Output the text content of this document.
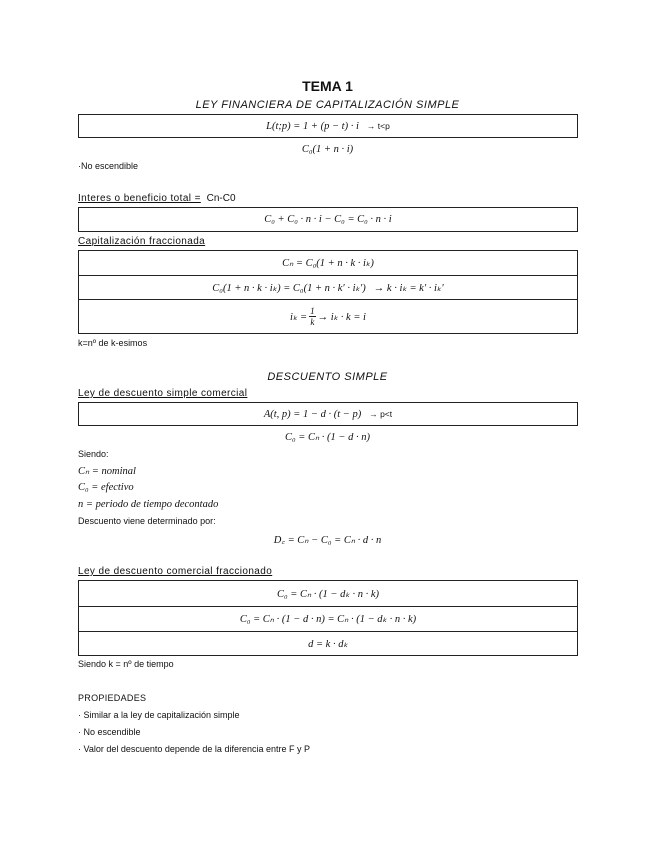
TEMA 1
LEY FINANCIERA DE CAPITALIZACIÓN SIMPLE
L(t;p) = 1 + (p − t) · i → t<p
C₀(1 + n · i)
·No escendible
Interes o beneficio total = Cn-C0
C₀ + C₀ · n · i − C₀ = C₀ · n · i
Capitalización fraccionada
Cₙ = C₀(1 + n · k · iₖ)
C₀(1 + n · k · iₖ) = C₀(1 + n · k′ · iₖ′) → k · iₖ = k′ · iₖ′
$i_k = \frac{1}{k} \to i_k \cdot k = i$
k=nº de k-esimos
DESCUENTO SIMPLE
Ley de descuento simple comercial
A(t, p) = 1 − d · (t − p) → p<t
C₀ = Cₙ · (1 − d · n)
Siendo:
Cₙ = nominal
C₀ = efectivo
n = periodo de tiempo decontado
Descuento viene determinado por:
D꜀ = Cₙ − C₀ = Cₙ · d · n
Ley de descuento comercial fraccionado
C₀ = Cₙ · (1 − dₖ · n · k)
C₀ = Cₙ · (1 − d · n) = Cₙ · (1 − dₖ · n · k)
d = k · dₖ
Siendo k = nº de tiempo
PROPIEDADES
· Similar a la ley de capitalización simple
· No escendible
· Valor del descuento depende de la diferencia entre F y P
